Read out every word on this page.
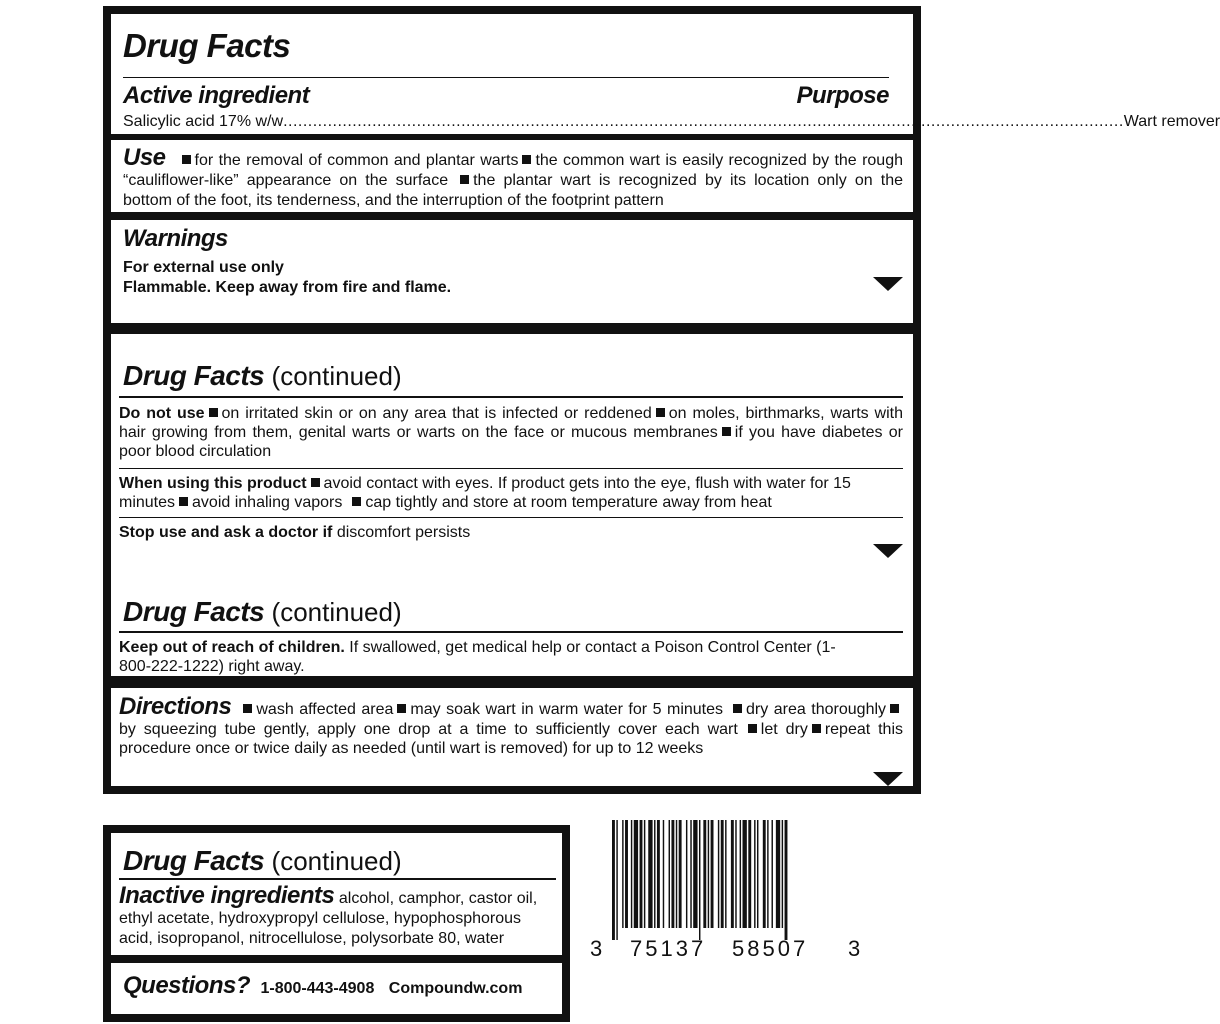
Drug Facts
Active ingredient	Purpose
Salicylic acid 17% w/w .......................................................................................................................................................................... Wart remover
Use for the removal of common and plantar warts the common wart is easily recognized by the rough “cauliflower-like” appearance on the surface the plantar wart is recognized by its location only on the bottom of the foot, its tenderness, and the interruption of the footprint pattern
Warnings
For external use only
Flammable. Keep away from fire and flame.
Drug Facts (continued)
Do not use on irritated skin or on any area that is infected or reddened on moles, birthmarks, warts with hair growing from them, genital warts or warts on the face or mucous membranes if you have diabetes or poor blood circulation
When using this product avoid contact with eyes. If product gets into the eye, flush with water for 15 minutes avoid inhaling vapors cap tightly and store at room temperature away from heat
Stop use and ask a doctor if discomfort persists
Drug Facts (continued)
Keep out of reach of children. If swallowed, get medical help or contact a Poison Control Center (1-800-222-1222) right away.
Directions wash affected area may soak wart in warm water for 5 minutes dry area thoroughlyby squeezing tube gently, apply one drop at a time to sufficiently cover each wart let dry repeat this procedure once or twice daily as needed (until wart is removed) for up to 12 weeks
Drug Facts (continued)
Inactive ingredients alcohol, camphor, castor oil, ethyl acetate, hydroxypropyl cellulose, hypophosphorous acid, isopropanol, nitrocellulose, polysorbate 80, water
Questions? 1-800-443-4908 Compoundw.com
3 75137 58507 3
